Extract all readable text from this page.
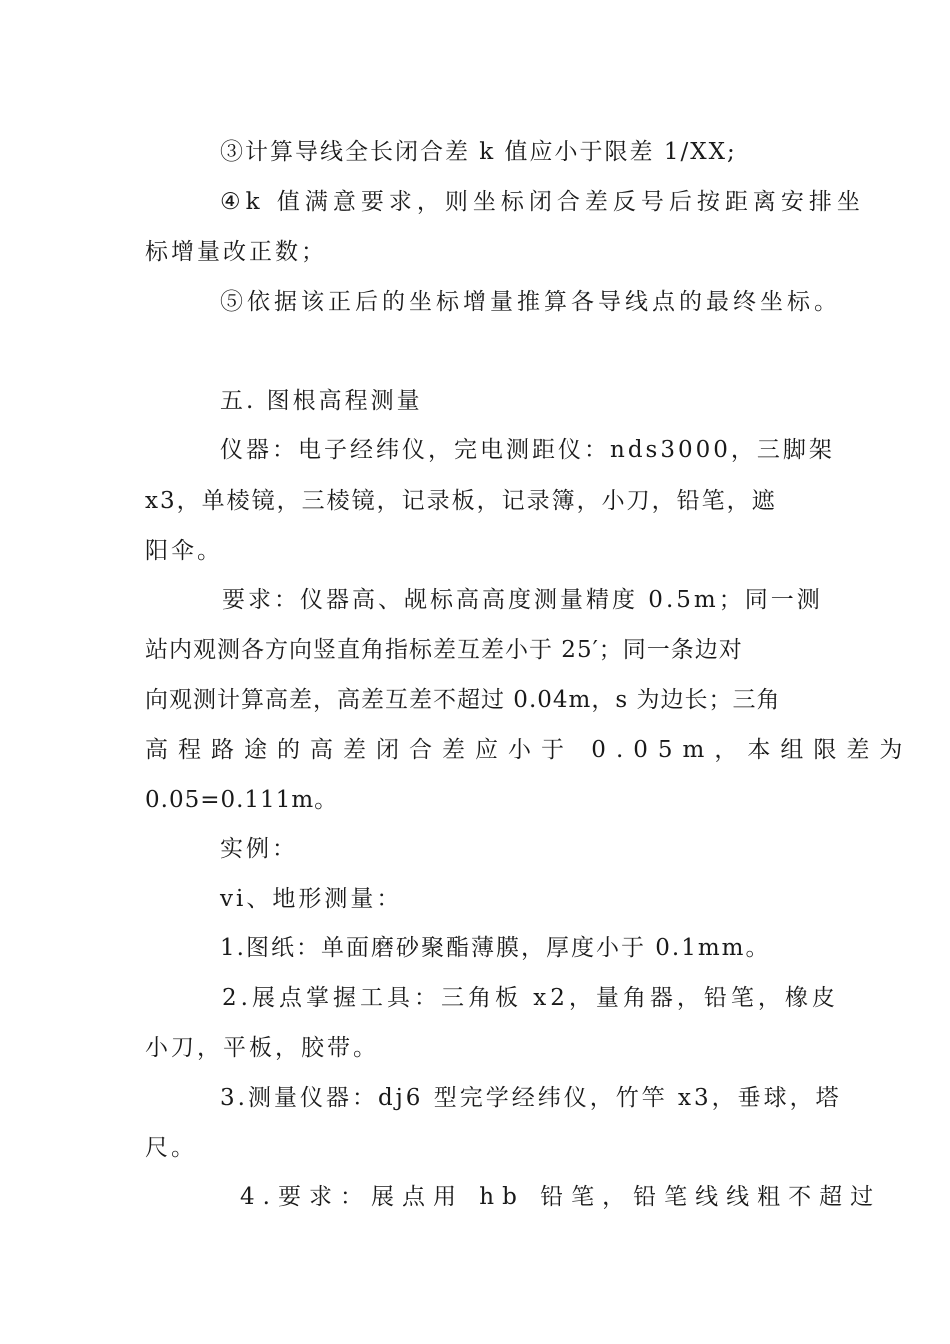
③计算导线全长闭合差 k 值应小于限差 1/XX;
④k 值满意要求，则坐标闭合差反号后按距离安排坐
标增量改正数；
⑤依据该正后的坐标增量推算各导线点的最终坐标。
五. 图根高程测量
仪器：电子经纬仪，完电测距仪：nds3000，三脚架
x3，单棱镜，三棱镜，记录板，记录簿，小刀，铅笔，遮
阳伞。
要求：仪器高、觇标高高度测量精度 0.5m；同一测
站内观测各方向竖直角指标差互差小于 25′；同一条边对
向观测计算高差，高差互差不超过 0.04m，s 为边长；三角
高程路途的高差闭合差应小于 0.05m，本组限差为
0.05=0.111m。
实例：
vi、地形测量：
1.图纸：单面磨砂聚酯薄膜，厚度小于 0.1mm。
2.展点掌握工具：三角板 x2，量角器，铅笔，橡皮
小刀，平板，胶带。
3.测量仪器：dj6 型完学经纬仪，竹竿 x3，垂球，塔
尺。
4.要求：展点用 hb 铅笔，铅笔线线粗不超过
